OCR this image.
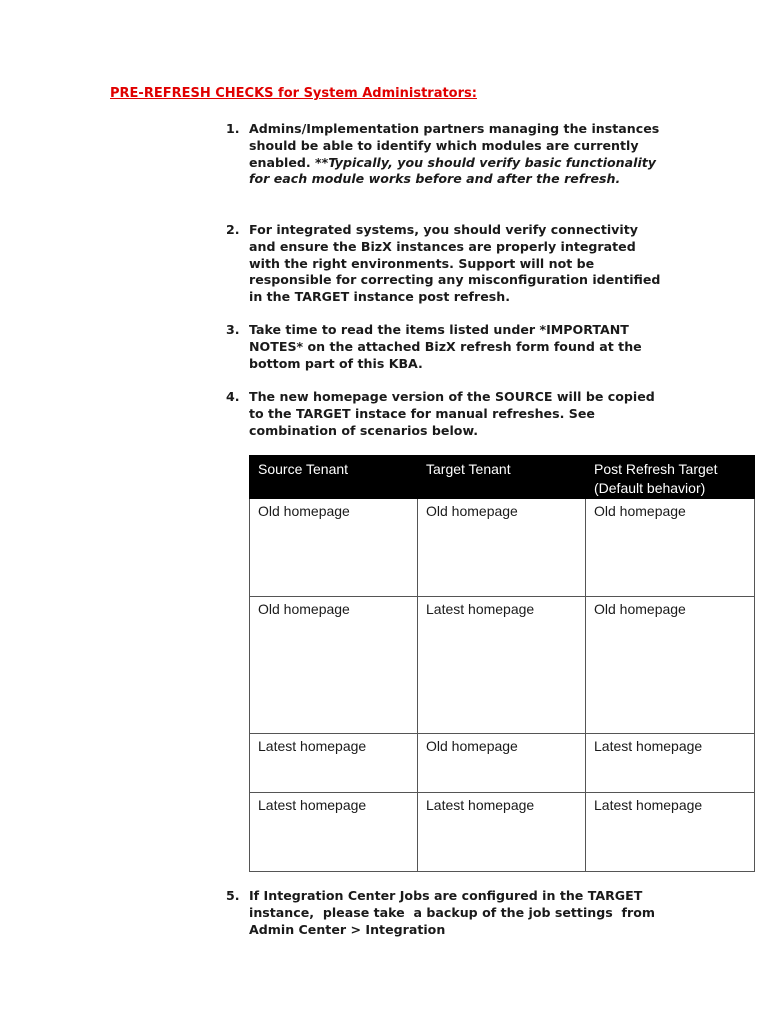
PRE-REFRESH CHECKS for System Administrators:
1. Admins/Implementation partners managing the instances should be able to identify which modules are currently enabled. **Typically, you should verify basic functionality for each module works before and after the refresh.
2. For integrated systems, you should verify connectivity and ensure the BizX instances are properly integrated with the right environments. Support will not be responsible for correcting any misconfiguration identified in the TARGET instance post refresh.
3. Take time to read the items listed under *IMPORTANT NOTES* on the attached BizX refresh form found at the bottom part of this KBA.
4. The new homepage version of the SOURCE will be copied to the TARGET instace for manual refreshes. See combination of scenarios below.
Source Tenant	Target Tenant	Post Refresh Target (Default behavior)
Old homepage	Old homepage	Old homepage
Old homepage	Latest homepage	Old homepage
Latest homepage	Old homepage	Latest homepage
Latest homepage	Latest homepage	Latest homepage
5. If Integration Center Jobs are configured in the TARGET instance,  please take  a backup of the job settings  from  Admin Center > Integration
